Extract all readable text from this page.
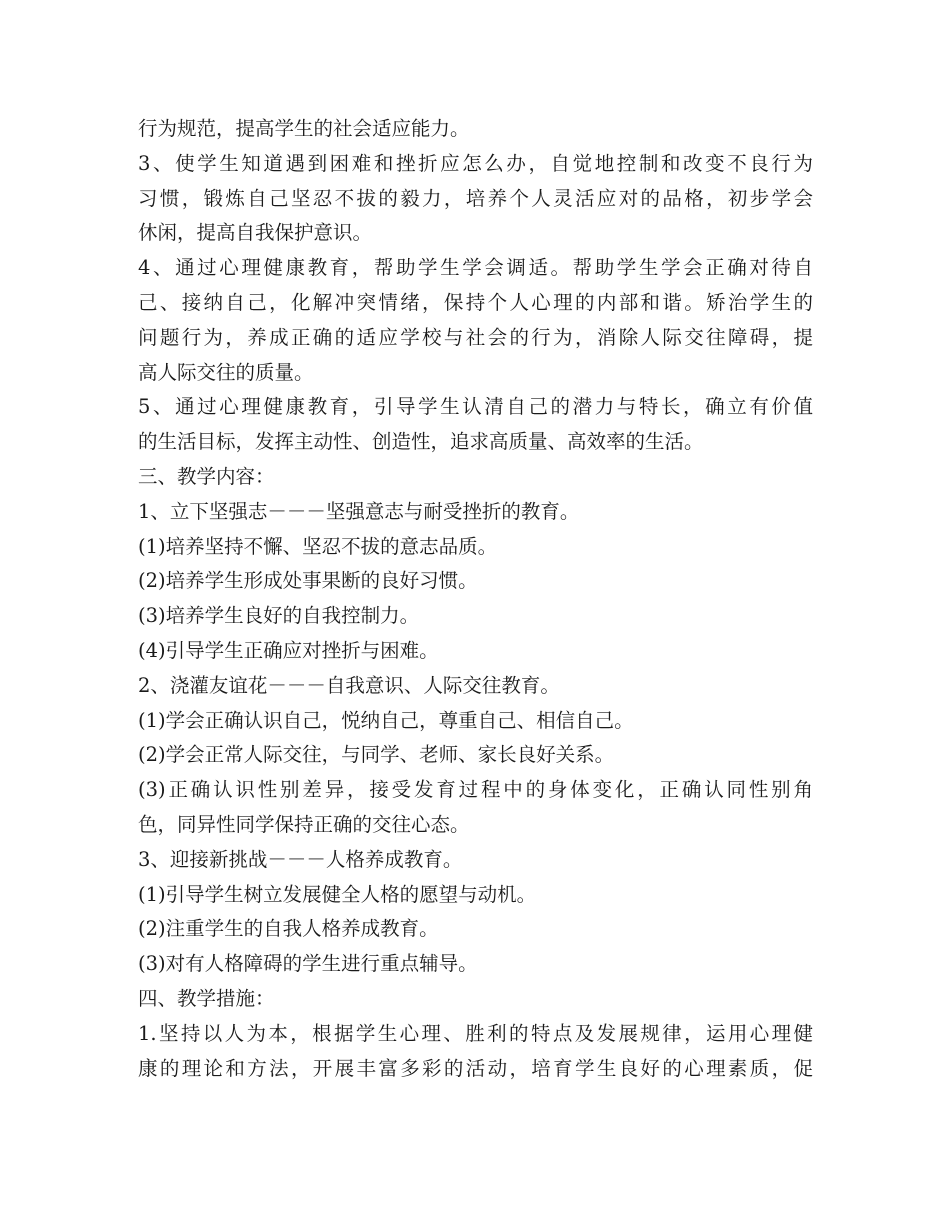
行为规范，提高学生的社会适应能力。
3、使学生知道遇到困难和挫折应怎么办，自觉地控制和改变不良行为
习惯，锻炼自己坚忍不拔的毅力，培养个人灵活应对的品格，初步学会
休闲，提高自我保护意识。
4、通过心理健康教育，帮助学生学会调适。帮助学生学会正确对待自
己、接纳自己，化解冲突情绪，保持个人心理的内部和谐。矫治学生的
问题行为，养成正确的适应学校与社会的行为，消除人际交往障碍，提
高人际交往的质量。
5、通过心理健康教育，引导学生认清自己的潜力与特长，确立有价值
的生活目标，发挥主动性、创造性，追求高质量、高效率的生活。
三、教学内容：
1、立下坚强志－－－坚强意志与耐受挫折的教育。
(1)培养坚持不懈、坚忍不拔的意志品质。
(2)培养学生形成处事果断的良好习惯。
(3)培养学生良好的自我控制力。
(4)引导学生正确应对挫折与困难。
2、浇灌友谊花－－－自我意识、人际交往教育。
(1)学会正确认识自己，悦纳自己，尊重自己、相信自己。
(2)学会正常人际交往，与同学、老师、家长良好关系。
(3)正确认识性别差异，接受发育过程中的身体变化，正确认同性别角
色，同异性同学保持正确的交往心态。
3、迎接新挑战－－－人格养成教育。
(1)引导学生树立发展健全人格的愿望与动机。
(2)注重学生的自我人格养成教育。
(3)对有人格障碍的学生进行重点辅导。
四、教学措施：
1.坚持以人为本，根据学生心理、胜利的特点及发展规律，运用心理健
康的理论和方法，开展丰富多彩的活动，培育学生良好的心理素质，促
